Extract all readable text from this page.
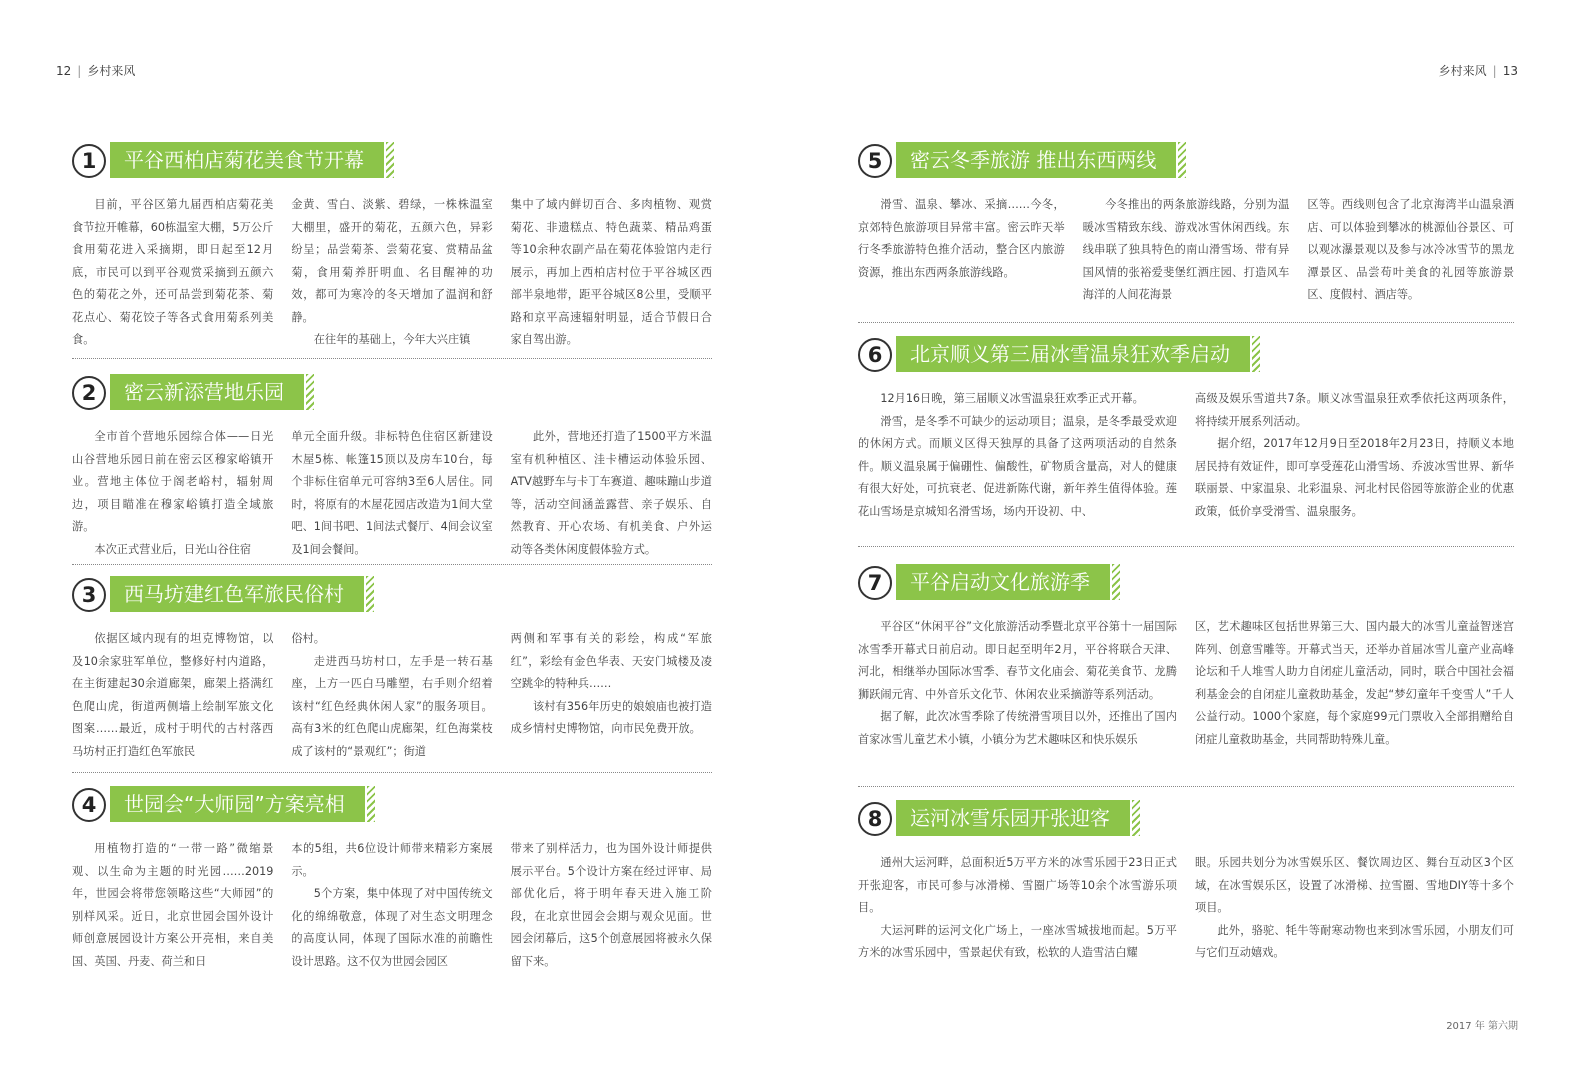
12 | 乡村来风
1	平谷西柏店菊花美食节开幕

目前，平谷区第九届西柏店菊花美食节拉开帷幕，60栋温室大棚，5万公斤食用菊花进入采摘期，即日起至12月底，市民可以到平谷观赏采摘到五颜六色的菊花之外，还可品尝到菊花茶、菊花点心、菊花饺子等各式食用菊系列美食。

金黄、雪白、淡紫、碧绿，一株株温室大棚里，盛开的菊花，五颜六色，异彩纷呈；品尝菊茶、尝菊花宴、赏精品盆菊，食用菊养肝明血、名目醒神的功效，都可为寒冷的冬天增加了温润和舒静。

在往年的基础上，今年大兴庄镇

集中了域内鲜切百合、多肉植物、观赏菊花、非遗糕点、特色蔬菜、精品鸡蛋等10余种农副产品在菊花体验馆内走行展示，再加上西柏店村位于平谷城区西部半泉地带，距平谷城区8公里，受顺平路和京平高速辐射明显，适合节假日合家自驾出游。

2	密云新添营地乐园

全市首个营地乐园综合体——日光山谷营地乐园日前在密云区穆家峪镇开业。营地主体位于阁老峪村，辐射周边，项目瞄准在穆家峪镇打造全域旅游。

本次正式营业后，日光山谷住宿

单元全面升级。非标特色住宿区新建设木屋5栋、帐篷15顶以及房车10台，每个非标住宿单元可容纳3至6人居住。同时，将原有的木屋花园店改造为1间大堂吧、1间书吧、1间法式餐厅、4间会议室及1间会餐间。

此外，营地还打造了1500平方米温室有机种植区、洼卡槽运动体验乐园、ATV越野车与卡丁车赛道、趣味蹦山步道等，活动空间涵盖露营、亲子娱乐、自然教育、开心农场、有机美食、户外运动等各类休闲度假体验方式。

3	西马坊建红色军旅民俗村

依据区域内现有的坦克博物馆，以及10余家驻军单位，整修好村内道路，在主街建起30余道廊架，廊架上搭满红色爬山虎，街道两侧墙上绘制军旅文化图案……最近，成村于明代的古村落西马坊村正打造红色军旅民

俗村。

走进西马坊村口，左手是一转石基座，上方一匹白马雕塑，右手则介绍着该村“红色经典休闲人家”的服务项目。高有3米的红色爬山虎廊架，红色海棠枝成了该村的“景观红”；街道

两侧和军事有关的彩绘，构成“军旅红”，彩绘有金色华表、天安门城楼及凌空跳伞的特种兵……

该村有356年历史的娘娘庙也被打造成乡情村史博物馆，向市民免费开放。

4	世园会“大师园”方案亮相

用植物打造的“一带一路”微缩景观、以生命为主题的时光园……2019年，世园会将带您领略这些“大师园”的别样风采。近日，北京世园会国外设计师创意展园设计方案公开亮相，来自美国、英国、丹麦、荷兰和日

本的5组，共6位设计师带来精彩方案展示。

5个方案，集中体现了对中国传统文化的绵绵敬意，体现了对生态文明理念的高度认同，体现了国际水准的前瞻性设计思路。这不仅为世园会园区

带来了别样活力，也为国外设计师提供展示平台。5个设计方案在经过评审、局部优化后，将于明年春天进入施工阶段，在北京世园会会期与观众见面。世园会闭幕后，这5个创意展园将被永久保留下来。

乡村来风 | 13
5	密云冬季旅游 推出东西两线

滑雪、温泉、攀冰、采摘……今冬，京郊特色旅游项目异常丰富。密云昨天举行冬季旅游特色推介活动，整合区内旅游资源，推出东西两条旅游线路。

今冬推出的两条旅游线路，分别为温暖冰雪精致东线、游戏冰雪休闲西线。东线串联了独具特色的南山滑雪场、带有异国风情的张裕爱斐堡红酒庄园、打造风车海洋的人间花海景

区等。西线则包含了北京海湾半山温泉酒店、可以体验到攀冰的桃源仙谷景区、可以观冰瀑景观以及参与冰冷冰雪节的黑龙潭景区、品尝苟叶美食的礼园等旅游景区、度假村、酒店等。

6	北京顺义第三届冰雪温泉狂欢季启动

12月16日晚，第三届顺义冰雪温泉狂欢季正式开幕。

滑雪，是冬季不可缺少的运动项目；温泉，是冬季最受欢迎的休闲方式。而顺义区得天独厚的具备了这两项活动的自然条件。顺义温泉属于偏硼性、偏酸性，矿物质含量高，对人的健康有很大好处，可抗衰老、促进新陈代谢，新年养生值得体验。莲花山雪场是京城知名滑雪场，场内开设初、中、

高级及娱乐雪道共7条。顺义冰雪温泉狂欢季依托这两项条件，将持续开展系列活动。

据介绍，2017年12月9日至2018年2月23日，持顺义本地居民持有效证件，即可享受莲花山滑雪场、乔波冰雪世界、新华联丽景、中家温泉、北彩温泉、河北村民俗园等旅游企业的优惠政策，低价享受滑雪、温泉服务。

7	平谷启动文化旅游季

平谷区“休闲平谷”文化旅游活动季暨北京平谷第十一届国际冰雪季开幕式日前启动。即日起至明年2月，平谷将联合天津、河北，相继举办国际冰雪季、春节文化庙会、菊花美食节、龙腾狮跃闹元宵、中外音乐文化节、休闲农业采摘游等系列活动。

据了解，此次冰雪季除了传统滑雪项目以外，还推出了国内首家冰雪儿童艺术小镇，小镇分为艺术趣味区和快乐娱乐

区，艺术趣味区包括世界第三大、国内最大的冰雪儿童益智迷宫阵列、创意雪雕等。开幕式当天，还举办首届冰雪儿童产业高峰论坛和千人堆雪人助力自闭症儿童活动，同时，联合中国社会福利基金会的自闭症儿童救助基金，发起“梦幻童年千变雪人”千人公益行动。1000个家庭，每个家庭99元门票收入全部捐赠给自闭症儿童救助基金，共同帮助特殊儿童。

8	运河冰雪乐园开张迎客

通州大运河畔，总面积近5万平方米的冰雪乐园于23日正式开张迎客，市民可参与冰滑梯、雪圈广场等10余个冰雪游乐项目。

大运河畔的运河文化广场上，一座冰雪城拔地而起。5万平方米的冰雪乐园中，雪景起伏有致，松软的人造雪洁白耀

眼。乐园共划分为冰雪娱乐区、餐饮周边区、舞台互动区3个区域，在冰雪娱乐区，设置了冰滑梯、拉雪圈、雪地DIY等十多个项目。

此外，骆驼、牦牛等耐寒动物也来到冰雪乐园，小朋友们可与它们互动嬉戏。

2017 年 第六期
